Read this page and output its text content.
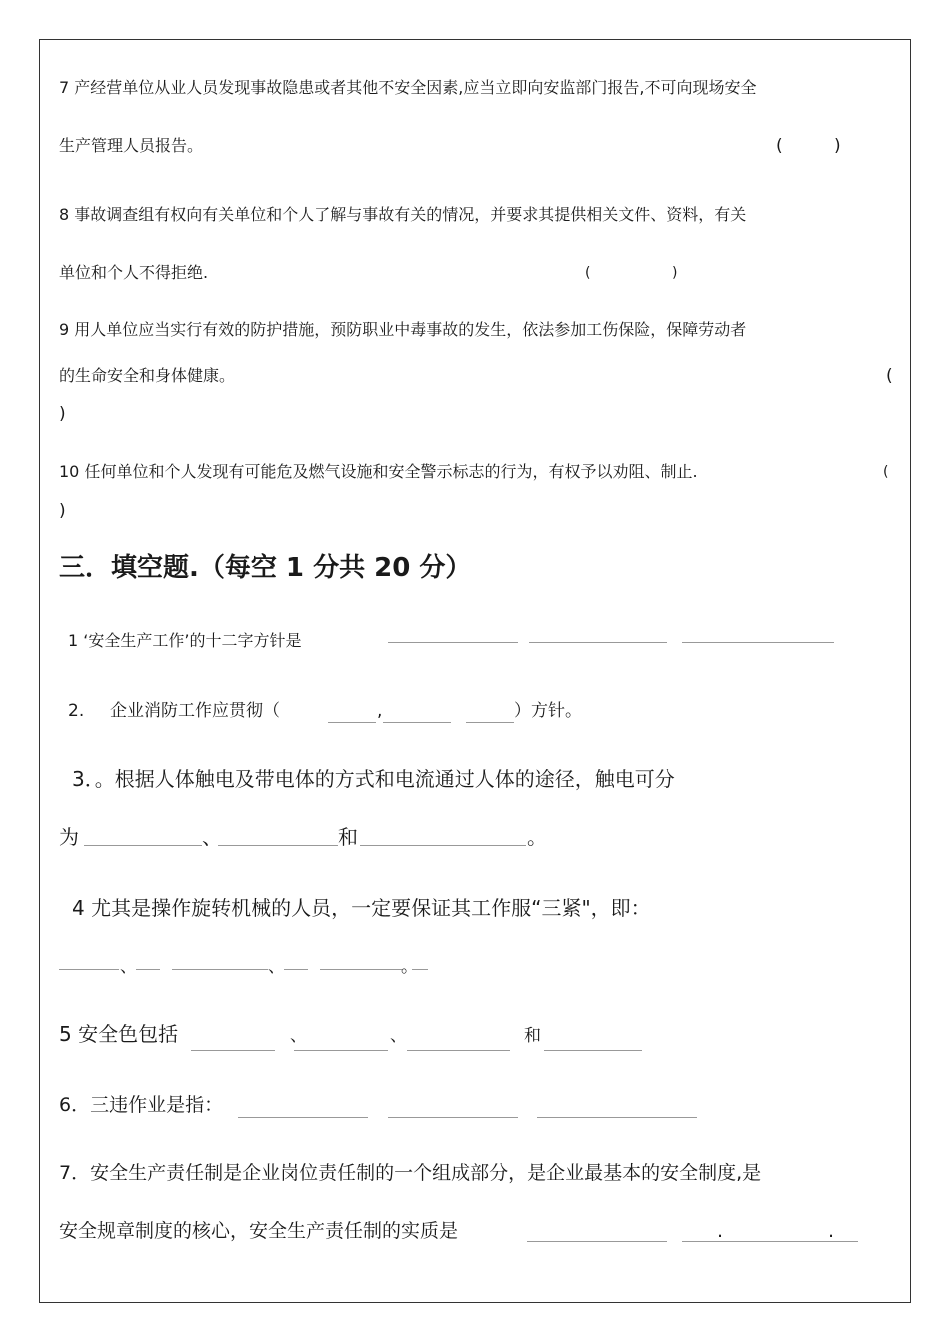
7 产经营单位从业人员发现事故隐患或者其他不安全因素,应当立即向安监部门报告,不可向现场安全
生产管理人员报告。	(	)
8 事故调查组有权向有关单位和个人了解与事故有关的情况，并要求其提供相关文件、资料，有关
单位和个人不得拒绝.	(	)
9 用人单位应当实行有效的防护措施，预防职业中毒事故的发生，依法参加工伤保险，保障劳动者
的生命安全和身体健康。	(
)
10 任何单位和个人发现有可能危及燃气设施和安全警示标志的行为，有权予以劝阻、制止.	(
)
三．填空题.（每空 1 分共 20 分）
1 ‘安全生产工作’的十二字方针是
2. 企业消防工作应贯彻（	,	）方针。
3．。根据人体触电及带电体的方式和电流通过人体的途径，触电可分
为	、	和	。
4 尤其是操作旋转机械的人员，一定要保证其工作服“三紧"，即：
、	、	。
5 安全色包括	、	、	和
6．三违作业是指：
7．安全生产责任制是企业岗位责任制的一个组成部分，是企业最基本的安全制度,是
安全规章制度的核心，安全生产责任制的实质是	.	.
